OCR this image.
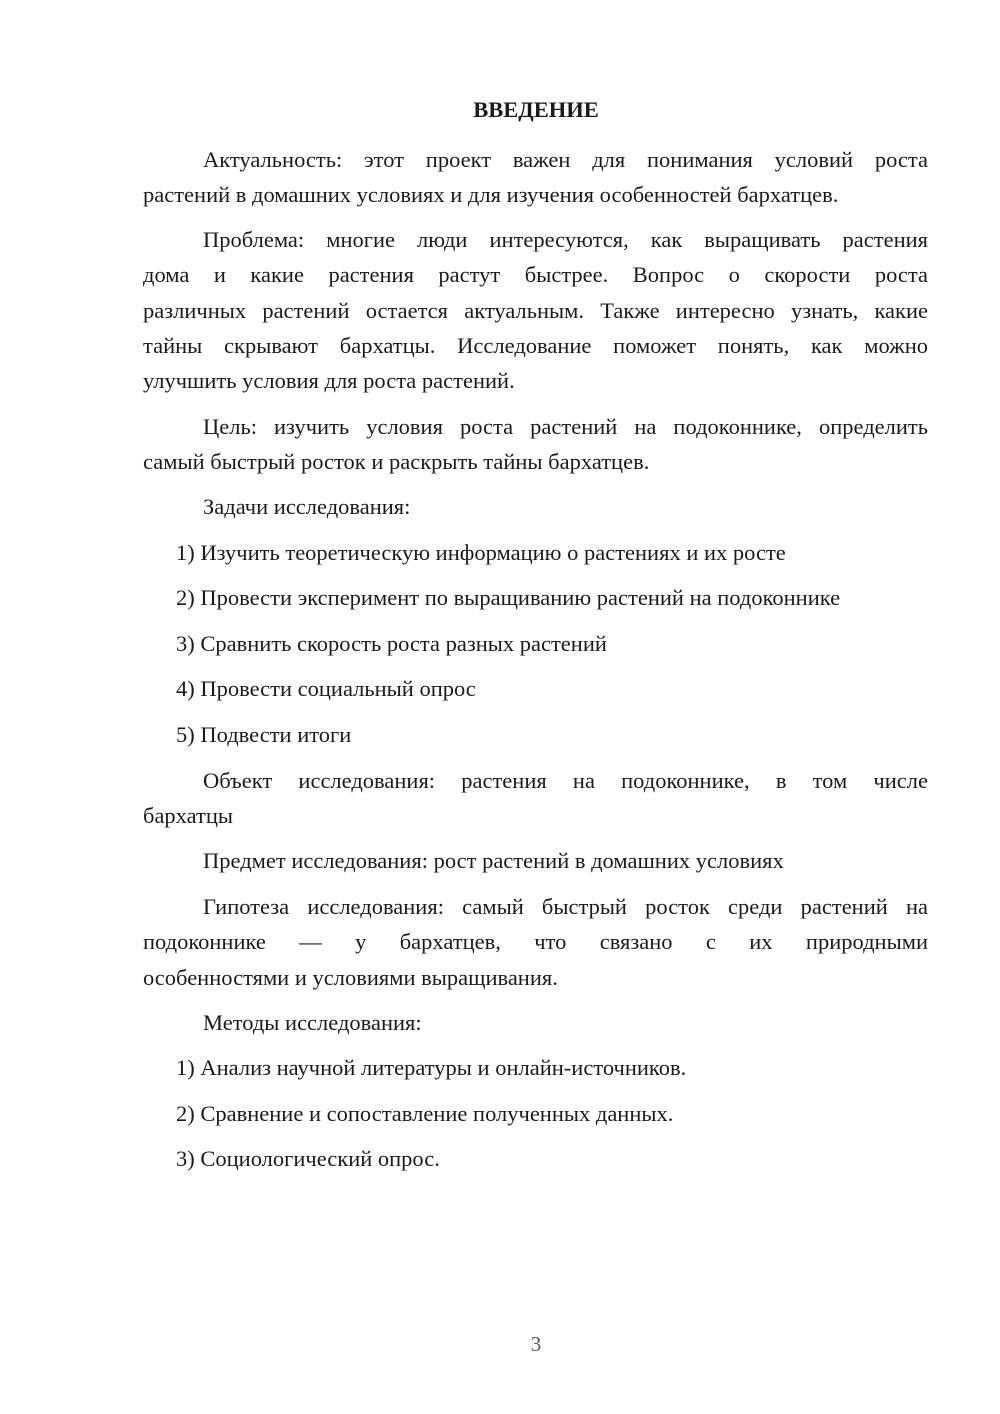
ВВЕДЕНИЕ

Актуальность: этот проект важен для понимания условий роста
растений в домашних условиях и для изучения особенностей бархатцев.

Проблема: многие люди интересуются, как выращивать растения
дома и какие растения растут быстрее. Вопрос о скорости роста
различных растений остается актуальным. Также интересно узнать, какие
тайны скрывают бархатцы. Исследование поможет понять, как можно
улучшить условия для роста растений.

Цель: изучить условия роста растений на подоконнике, определить
самый быстрый росток и раскрыть тайны бархатцев.

Задачи исследования:
1) Изучить теоретическую информацию о растениях и их росте
2) Провести эксперимент по выращиванию растений на подоконнике
3) Сравнить скорость роста разных растений
4) Провести социальный опрос
5) Подвести итоги

Объект исследования: растения на подоконнике, в том числе
бархатцы

Предмет исследования: рост растений в домашних условиях

Гипотеза исследования: самый быстрый росток среди растений на
подоконнике — у бархатцев, что связано с их природными
особенностями и условиями выращивания.

Методы исследования:
1) Анализ научной литературы и онлайн-источников.
2) Сравнение и сопоставление полученных данных.
3) Социологический опрос.
3
